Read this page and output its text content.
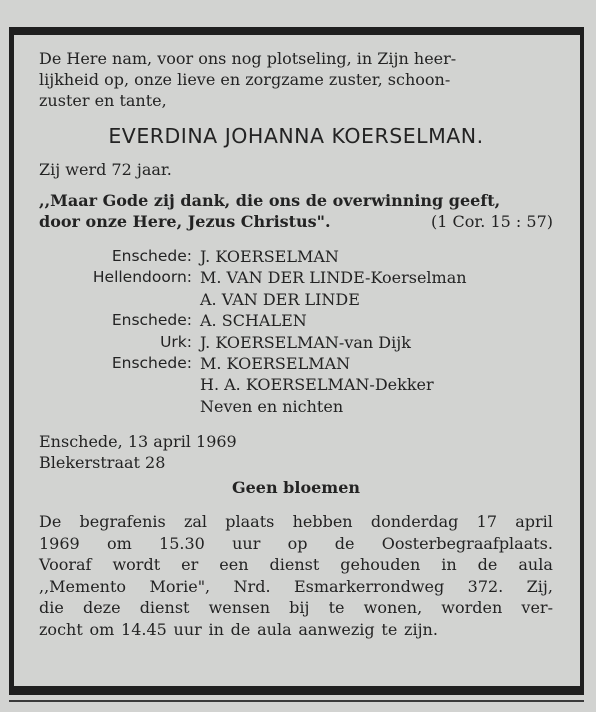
De Here nam, voor ons nog plotseling, in Zijn heer-
lijkheid op, onze lieve en zorgzame zuster, schoon-
zuster en tante,
EVERDINA JOHANNA KOERSELMAN.

Zij werd 72 jaar.

,,Maar Gode zij dank, die ons de overwinning geeft,
door onze Here, Jezus Christus".	(1 Cor. 15 : 57)
Enschede: J. KOERSELMAN
Hellendoorn: M. VAN DER LINDE-Koerselman
A. VAN DER LINDE
Enschede: A. SCHALEN
Urk: J. KOERSELMAN-van Dijk
Enschede: M. KOERSELMAN
H. A. KOERSELMAN-Dekker
Neven en nichten

Enschede, 13 april 1969

Blekerstraat 28

Geen bloemen

De begrafenis zal plaats hebben donderdag 17 april
1969 om 15.30 uur op de Oosterbegraafplaats.
Vooraf wordt er een dienst gehouden in de aula
,,Memento Morie", Nrd. Esmarkerrondweg 372. Zij,
die deze dienst wensen bij te wonen, worden ver-
zocht om 14.45 uur in de aula aanwezig te zijn.
